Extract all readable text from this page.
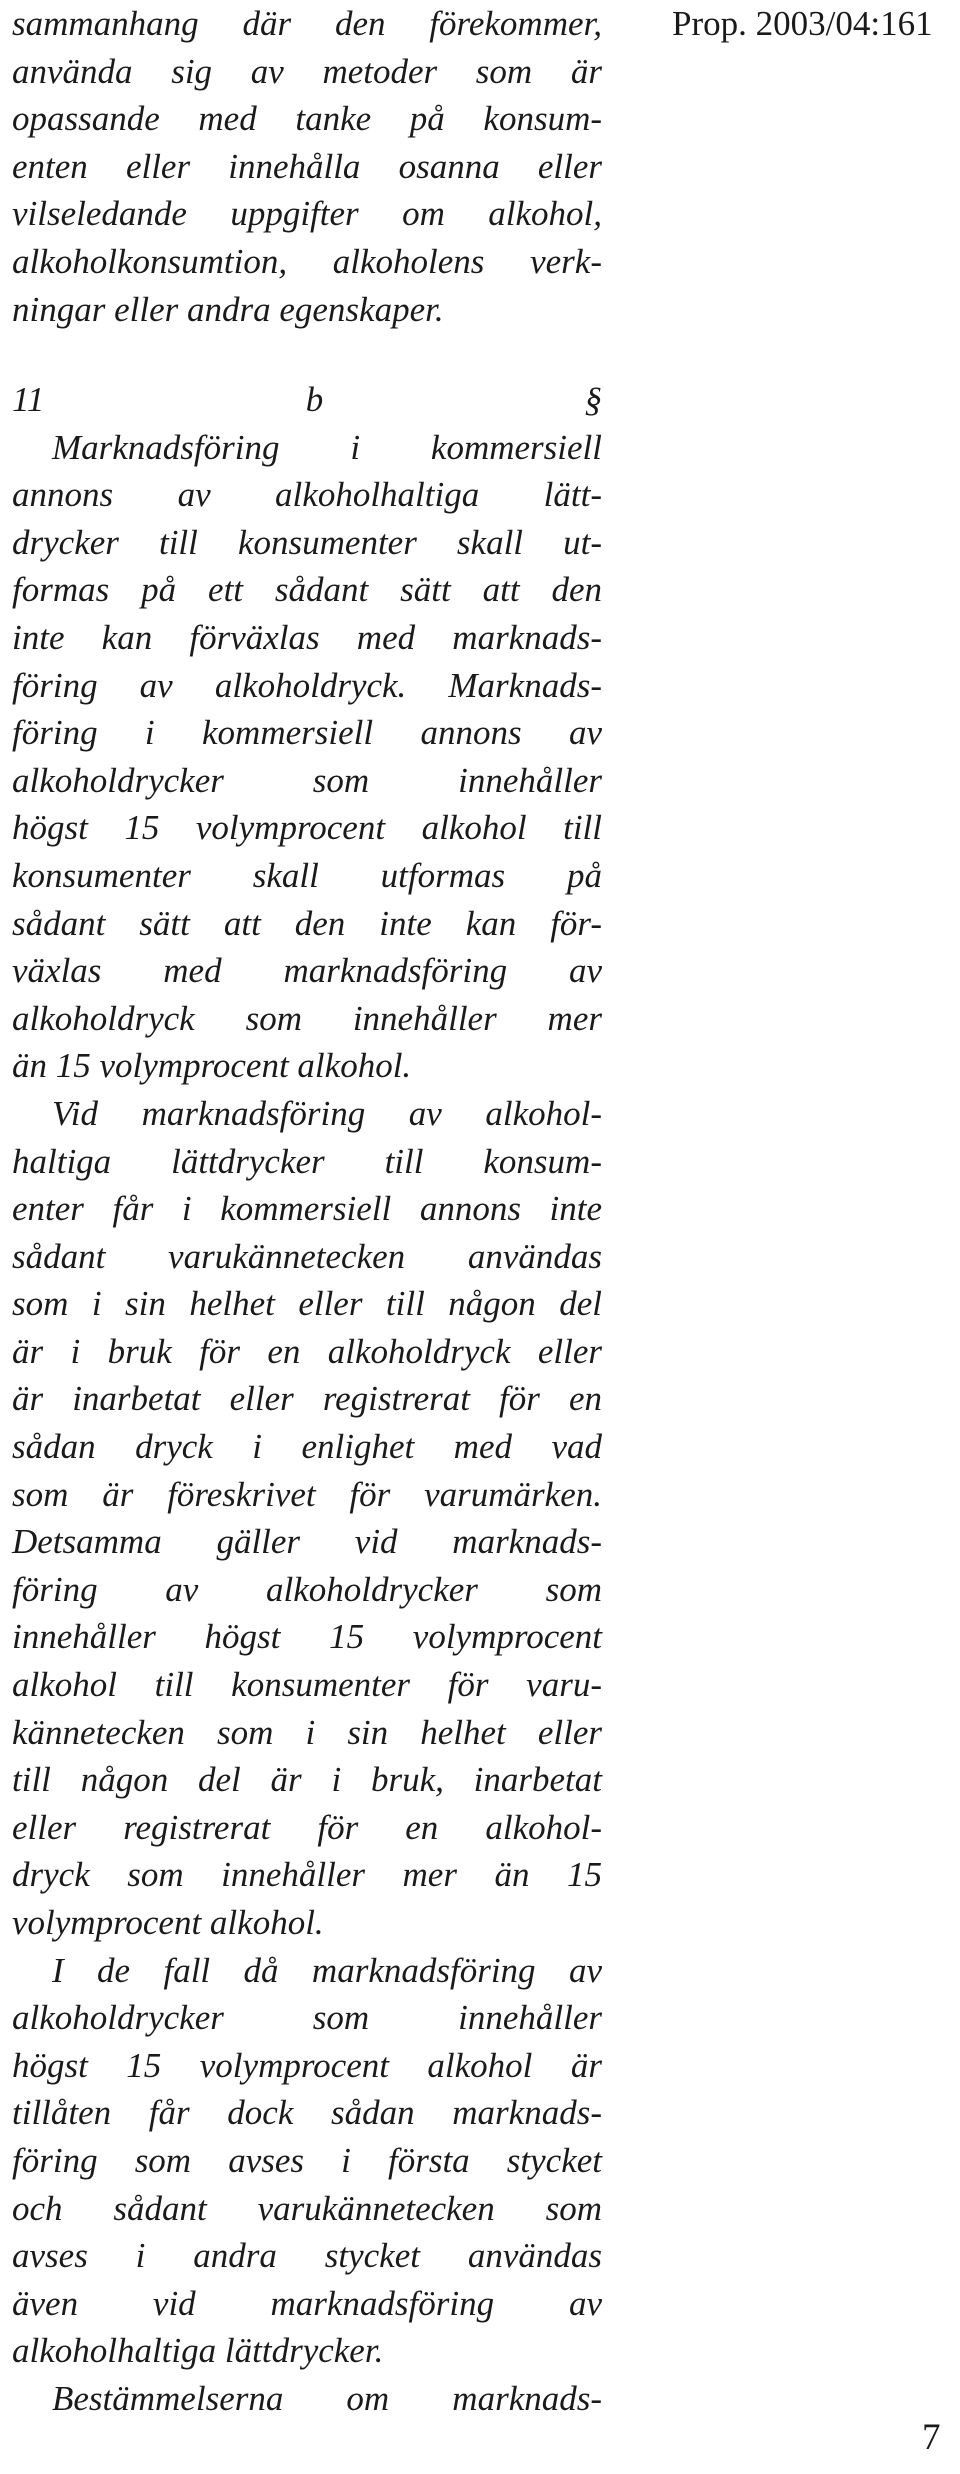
Prop. 2003/04:161
sammanhang där den förekommer,
använda sig av metoder som är
opassande med tanke på konsum-
enten eller innehålla osanna eller
vilseledande uppgifter om alkohol,
alkoholkonsumtion, alkoholens verk-
ningar eller andra egenskaper.
11 b §
Marknadsföring i kommersiell
annons av alkoholhaltiga lätt-
drycker till konsumenter skall ut-
formas på ett sådant sätt att den
inte kan förväxlas med marknads-
föring av alkoholdryck. Marknads-
föring i kommersiell annons av
alkoholdrycker som innehåller
högst 15 volymprocent alkohol till
konsumenter skall utformas på
sådant sätt att den inte kan för-
växlas med marknadsföring av
alkoholdryck som innehåller mer
än 15 volymprocent alkohol.
Vid marknadsföring av alkohol-
haltiga lättdrycker till konsum-
enter får i kommersiell annons inte
sådant varukännetecken användas
som i sin helhet eller till någon del
är i bruk för en alkoholdryck eller
är inarbetat eller registrerat för en
sådan dryck i enlighet med vad
som är föreskrivet för varumärken.
Detsamma gäller vid marknads-
föring av alkoholdrycker som
innehåller högst 15 volymprocent
alkohol till konsumenter för varu-
kännetecken som i sin helhet eller
till någon del är i bruk, inarbetat
eller registrerat för en alkohol-
dryck som innehåller mer än 15
volymprocent alkohol.
I de fall då marknadsföring av
alkoholdrycker som innehåller
högst 15 volymprocent alkohol är
tillåten får dock sådan marknads-
föring som avses i första stycket
och sådant varukännetecken som
avses i andra stycket användas
även vid marknadsföring av
alkoholhaltiga lättdrycker.
Bestämmelserna om marknads-
7
